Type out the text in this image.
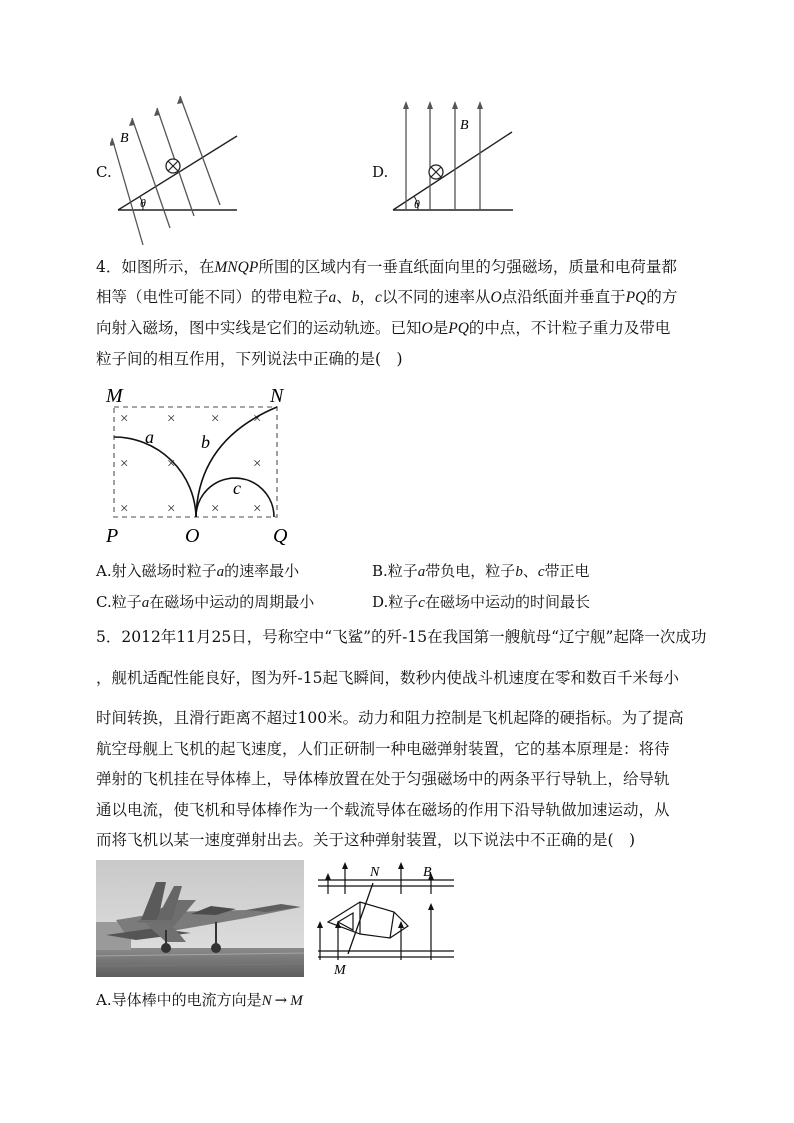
C.
B
θ
D.
B
θ
4．如图所示，在MNQP所围的区域内有一垂直纸面向里的匀强磁场，质量和电荷量都
相等（电性可能不同）的带电粒子a、b，c以不同的速率从O点沿纸面并垂直于PQ的方
向射入磁场，图中实线是它们的运动轨迹。已知O是PQ的中点，不计粒子重力及带电
粒子间的相互作用，下列说法中正确的是(　)
×	× × ×
×	×	×
×	× × ×
M	N
P	O	Q
a	b
c
A.射入磁场时粒子a的速率最小	B.粒子a带负电，粒子b、c带正电
C.粒子a在磁场中运动的周期最小	D.粒子c在磁场中运动的时间最长
5．2012年11月25日，号称空中“飞鲨”的歼-15在我国第一艘航母“辽宁舰”起降一次成功
，舰机适配性能良好，图为歼-15起飞瞬间，数秒内使战斗机速度在零和数百千米每小
时间转换，且滑行距离不超过100米。动力和阻力控制是飞机起降的硬指标。为了提高
航空母舰上飞机的起飞速度，人们正研制一种电磁弹射装置，它的基本原理是：将待
弹射的飞机挂在导体棒上，导体棒放置在处于匀强磁场中的两条平行导轨上，给导轨
通以电流，使飞机和导体棒作为一个载流导体在磁场的作用下沿导轨做加速运动，从
而将飞机以某一速度弹射出去。关于这种弹射装置，以下说法中不正确的是(　)
N	B
M
A.导体棒中的电流方向是N → M
